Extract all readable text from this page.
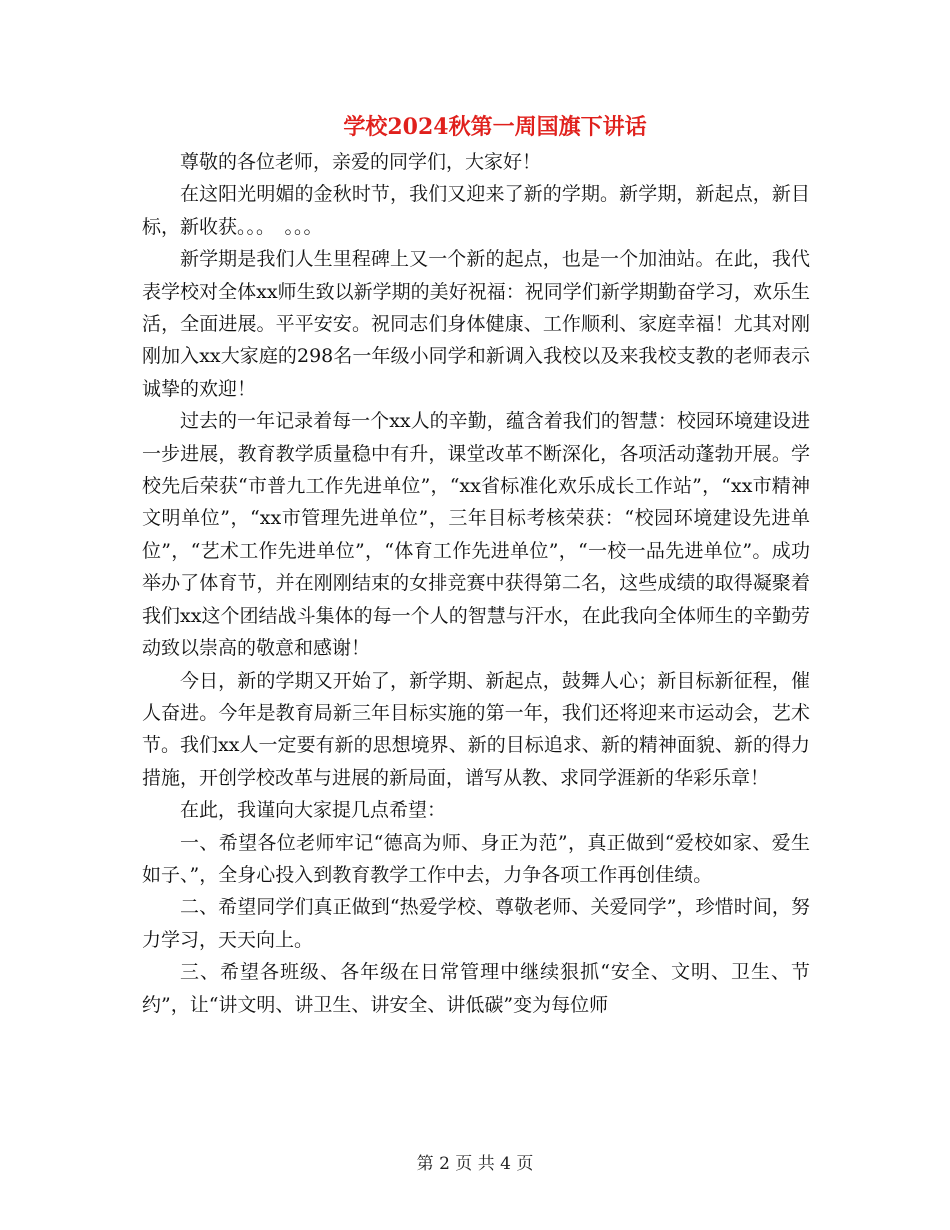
学校2024秋第一周国旗下讲话

尊敬的各位老师，亲爱的同学们，大家好！

在这阳光明媚的金秋时节，我们又迎来了新的学期。新学期，新起点，新目标，新收获。。。　。。。

新学期是我们人生里程碑上又一个新的起点，也是一个加油站。在此，我代表学校对全体xx师生致以新学期的美好祝福：祝同学们新学期勤奋学习，欢乐生活，全面进展。平平安安。祝同志们身体健康、工作顺利、家庭幸福！尤其对刚刚加入xx大家庭的298名一年级小同学和新调入我校以及来我校支教的老师表示诚挚的欢迎！

过去的一年记录着每一个xx人的辛勤，蕴含着我们的智慧：校园环境建设进一步进展，教育教学质量稳中有升，课堂改革不断深化，各项活动蓬勃开展。学校先后荣获“市普九工作先进单位”，“xx省标准化欢乐成长工作站”，“xx市精神文明单位”，“xx市管理先进单位”，三年目标考核荣获：“校园环境建设先进单位”，“艺术工作先进单位”，“体育工作先进单位”，“一校一品先进单位”。成功举办了体育节，并在刚刚结束的女排竞赛中获得第二名，这些成绩的取得凝聚着我们xx这个团结战斗集体的每一个人的智慧与汗水，在此我向全体师生的辛勤劳动致以崇高的敬意和感谢！

今日，新的学期又开始了，新学期、新起点，鼓舞人心；新目标新征程，催人奋进。今年是教育局新三年目标实施的第一年，我们还将迎来市运动会，艺术节。我们xx人一定要有新的思想境界、新的目标追求、新的精神面貌、新的得力措施，开创学校改革与进展的新局面，谱写从教、求同学涯新的华彩乐章！

在此，我谨向大家提几点希望：

一、希望各位老师牢记“德高为师、身正为范”，真正做到“爱校如家、爱生如子、”，全身心投入到教育教学工作中去，力争各项工作再创佳绩。

二、希望同学们真正做到“热爱学校、尊敬老师、关爱同学”，珍惜时间，努力学习，天天向上。

三、希望各班级、各年级在日常管理中继续狠抓“安全、文明、卫生、节约”，让“讲文明、讲卫生、讲安全、讲低碳”变为每位师

第 2 页 共 4 页
